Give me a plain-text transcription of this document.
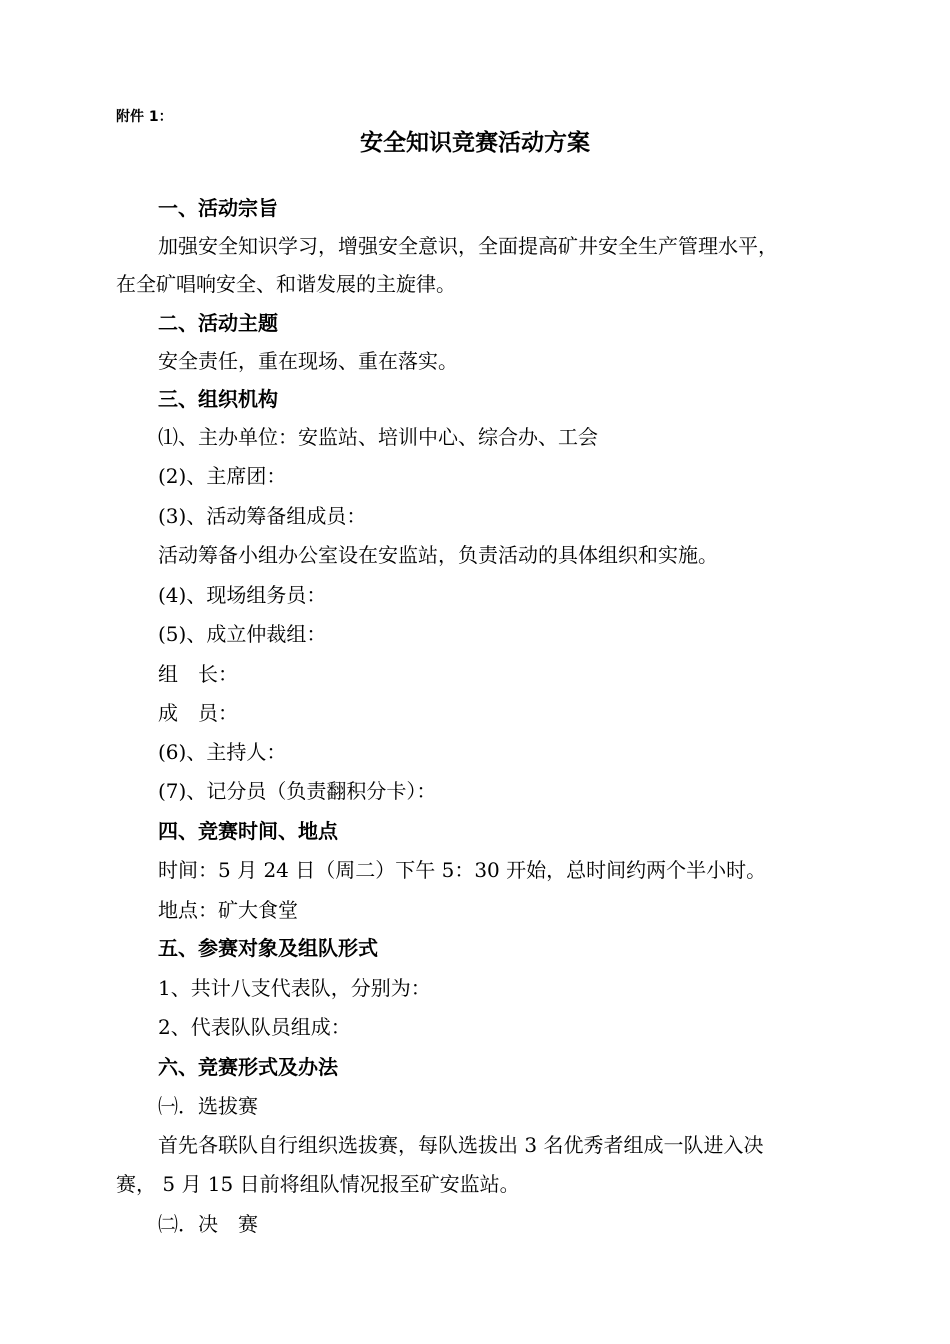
附件 1：
安全知识竞赛活动方案
一、活动宗旨
加强安全知识学习，增强安全意识，全面提高矿井安全生产管理水平，
在全矿唱响安全、和谐发展的主旋律。
二、活动主题
安全责任，重在现场、重在落实。
三、组织机构
⑴、主办单位：安监站、培训中心、综合办、工会
(2)、主席团：
(3)、活动筹备组成员：
活动筹备小组办公室设在安监站，负责活动的具体组织和实施。
(4)、现场组务员：
(5)、成立仲裁组：
组　长：
成　员：
(6)、主持人：
(7)、记分员（负责翻积分卡）：
四、竞赛时间、地点
时间：5 月 24 日（周二）下午 5：30 开始，总时间约两个半小时。
地点：矿大食堂
五、参赛对象及组队形式
1、共计八支代表队，分别为：
2、代表队队员组成：
六、竞赛形式及办法
㈠．选拔赛
首先各联队自行组织选拔赛，每队选拔出 3 名优秀者组成一队进入决
赛， 5 月 15 日前将组队情况报至矿安监站。
㈡．决　赛
